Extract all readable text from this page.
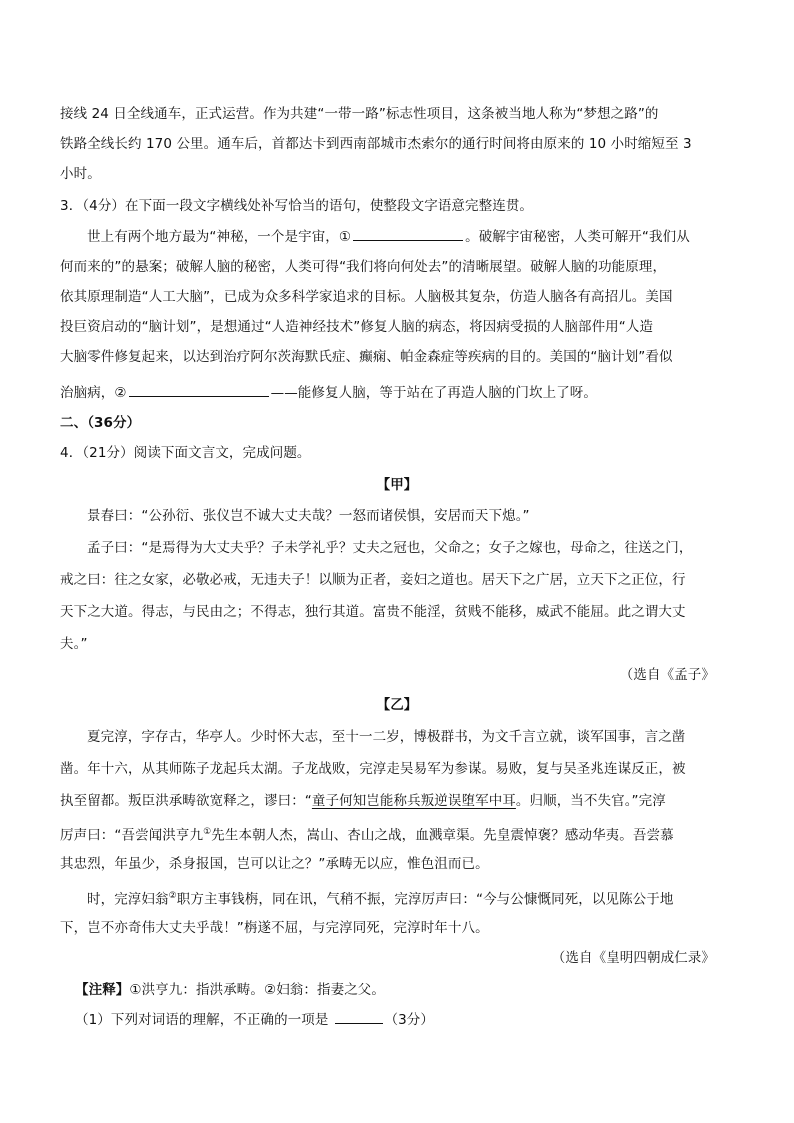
接线 24 日全线通车，正式运营。作为共建“一带一路”标志性项目，这条被当地人称为“梦想之路”的
铁路全线长约 170 公里。通车后，首都达卡到西南部城市杰索尔的通行时间将由原来的 10 小时缩短至 3
小时。
3．（4分）在下面一段文字横线处补写恰当的语句，使整段文字语意完整连贯。
世上有两个地方最为“神秘，一个是宇宙，①	。破解宇宙秘密，人类可解开“我们从
何而来的”的悬案；破解人脑的秘密，人类可得“我们将向何处去”的清晰展望。破解人脑的功能原理，
依其原理制造“人工大脑”，已成为众多科学家追求的目标。人脑极其复杂，仿造人脑各有高招儿。美国
投巨资启动的“脑计划”，是想通过“人造神经技术”修复人脑的病态，将因病受损的人脑部件用“人造
大脑零件修复起来，以达到治疗阿尔茨海默氏症、癫痫、帕金森症等疾病的目的。美国的“脑计划”看似
治脑病，②	——能修复人脑，等于站在了再造人脑的门坎上了呀。
二、（36分）
4．（21分）阅读下面文言文，完成问题。
【甲】
景春曰：“公孙衍、张仪岂不诚大丈夫哉？一怒而诸侯惧，安居而天下熄。”
孟子曰：“是焉得为大丈夫乎？子未学礼乎？丈夫之冠也，父命之；女子之嫁也，母命之，往送之门，
戒之曰：往之女家，必敬必戒，无违夫子！以顺为正者，妾妇之道也。居天下之广居，立天下之正位，行
天下之大道。得志，与民由之；不得志，独行其道。富贵不能淫，贫贱不能移，威武不能屈。此之谓大丈
夫。”
（选自《孟子》
【乙】
夏完淳，字存古，华亭人。少时怀大志，至十一二岁，博极群书，为文千言立就，谈军国事，言之凿
凿。年十六，从其师陈子龙起兵太湖。子龙战败，完淳走吴易军为参谋。易败，复与吴圣兆连谋反正，被
执至留都。叛臣洪承畴欲宽释之，谬曰：“童子何知岂能称兵叛逆误堕军中耳。归顺，当不失官。”完淳
厉声曰：“吾尝闻洪亨九①先生本朝人杰，嵩山、杏山之战，血溅章渠。先皇震悼褒？感动华夷。吾尝慕
其忠烈，年虽少，杀身报国，岂可以让之？”承畴无以应，惟色沮而已。
时，完淳妇翁②职方主事钱栴，同在讯，气稍不振，完淳厉声曰：“今与公慷慨同死，以见陈公于地
下，岂不亦奇伟大丈夫乎哉！”栴遂不屈，与完淳同死，完淳时年十八。
（选自《皇明四朝成仁录》
【注释】①洪亨九：指洪承畴。②妇翁：指妻之父。
（1）下列对词语的理解，不正确的一项是	（3分）
